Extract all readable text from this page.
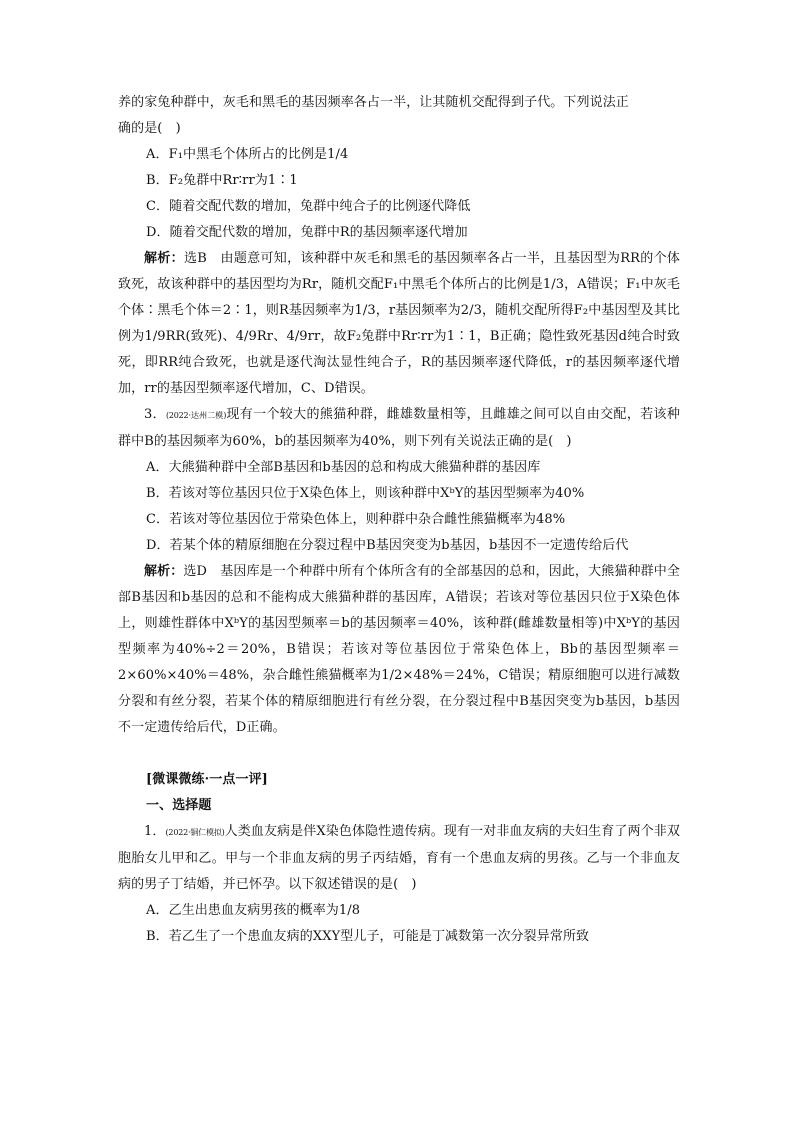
养的家兔种群中，灰毛和黑毛的基因频率各占一半，让其随机交配得到子代。下列说法正

确的是(　)

A．F₁中黑毛个体所占的比例是1/4

B．F₂兔群中Rr∶rr为1∶1

C．随着交配代数的增加，兔群中纯合子的比例逐代降低

D．随着交配代数的增加，兔群中R的基因频率逐代增加

解析：选B　由题意可知，该种群中灰毛和黑毛的基因频率各占一半，且基因型为RR的个体致死，故该种群中的基因型均为Rr，随机交配F₁中黑毛个体所占的比例是1/3，A错误；F₁中灰毛个体∶黑毛个体＝2∶1，则R基因频率为1/3，r基因频率为2/3，随机交配所得F₂中基因型及其比例为1/9RR(致死)、4/9Rr、4/9rr，故F₂兔群中Rr∶rr为1∶1，B正确；隐性致死基因d纯合时致死，即RR纯合致死，也就是逐代淘汰显性纯合子，R的基因频率逐代降低，r的基因频率逐代增加，rr的基因型频率逐代增加，C、D错误。

3．(2022·达州二模)现有一个较大的熊猫种群，雌雄数量相等，且雌雄之间可以自由交配，若该种群中B的基因频率为60%，b的基因频率为40%，则下列有关说法正确的是(　)

A．大熊猫种群中全部B基因和b基因的总和构成大熊猫种群的基因库

B．若该对等位基因只位于X染色体上，则该种群中XᵇY的基因型频率为40%

C．若该对等位基因位于常染色体上，则种群中杂合雌性熊猫概率为48%

D．若某个体的精原细胞在分裂过程中B基因突变为b基因，b基因不一定遗传给后代

解析：选D　基因库是一个种群中所有个体所含有的全部基因的总和，因此，大熊猫种群中全部B基因和b基因的总和不能构成大熊猫种群的基因库，A错误；若该对等位基因只位于X染色体上，则雄性群体中XᵇY的基因型频率＝b的基因频率＝40%，该种群(雌雄数量相等)中XᵇY的基因型频率为40%÷2＝20%，B错误；若该对等位基因位于常染色体上，Bb的基因型频率＝2×60%×40%＝48%，杂合雌性熊猫概率为1/2×48%＝24%，C错误；精原细胞可以进行减数分裂和有丝分裂，若某个体的精原细胞进行有丝分裂，在分裂过程中B基因突变为b基因，b基因不一定遗传给后代，D正确。

[微课微练·一点一评]

一、选择题

1．(2022·铜仁模拟)人类血友病是伴X染色体隐性遗传病。现有一对非血友病的夫妇生育了两个非双胞胎女儿甲和乙。甲与一个非血友病的男子丙结婚，育有一个患血友病的男孩。乙与一个非血友病的男子丁结婚，并已怀孕。以下叙述错误的是(　)

A．乙生出患血友病男孩的概率为1/8

B．若乙生了一个患血友病的XXY型儿子，可能是丁减数第一次分裂异常所致
